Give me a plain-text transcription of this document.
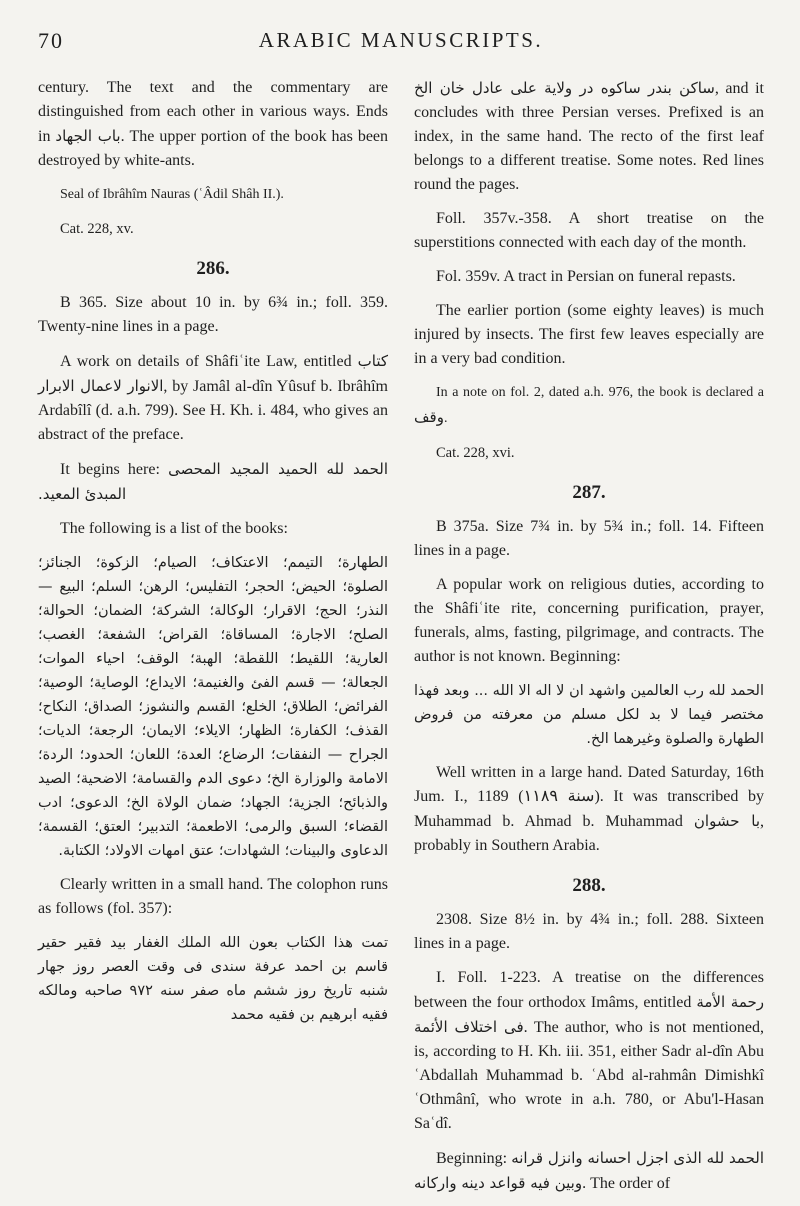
70	ARABIC MANUSCRIPTS.

century. The text and the commentary are distinguished from each other in various ways. Ends in باب الجهاد. The upper portion of the book has been destroyed by white-ants.

Seal of Ibrâhîm Nauras (ʿÂdil Shâh II.).

Cat. 228, xv.

286.

B 365. Size about 10 in. by 6¾ in.; foll. 359. Twenty-nine lines in a page.

A work on details of Shâfiʿite Law, entitled كتاب الانوار لاعمال الابرار, by Jamâl al-dîn Yûsuf b. Ibrâhîm Ardabîlî (d. a.h. 799). See H. Kh. i. 484, who gives an abstract of the preface.

It begins here: الحمد لله الحميد المجيد المحصى المبدئ المعيد.

The following is a list of the books:

الطهارة؛ التيمم؛ الاعتكاف؛ الصيام؛ الزكوة؛ الجنائز؛ الصلوة؛ الحيض؛ الحجر؛ التفليس؛ الرهن؛ السلم؛ البيع — النذر؛ الحج؛ الاقرار؛ الوكالة؛ الشركة؛ الضمان؛ الحوالة؛ الصلح؛ الاجارة؛ المساقاة؛ القراض؛ الشفعة؛ الغصب؛ العارية؛ اللقيط؛ اللقطة؛ الهبة؛ الوقف؛ احياء الموات؛ الجعالة؛ — قسم الفئ والغنيمة؛ الايداع؛ الوصاية؛ الوصية؛ الفرائض؛ الطلاق؛ الخلع؛ القسم والنشوز؛ الصداق؛ النكاح؛ القذف؛ الكفارة؛ الظهار؛ الايلاء؛ الايمان؛ الرجعة؛ الديات؛ الجراح — النفقات؛ الرضاع؛ العدة؛ اللعان؛ الحدود؛ الردة؛ الامامة والوزارة الخ؛ دعوى الدم والقسامة؛ الاضحية؛ الصيد والذبائح؛ الجزية؛ الجهاد؛ ضمان الولاة الخ؛ الدعوى؛ ادب القضاء؛ السبق والرمى؛ الاطعمة؛ التدبير؛ العتق؛ القسمة؛ الدعاوى والبينات؛ الشهادات؛ عتق امهات الاولاد؛ الكتابة.

Clearly written in a small hand. The colophon runs as follows (fol. 357):

تمت هذا الكتاب بعون الله الملك الغفار بيد فقير حقير قاسم بن احمد عرفة سندى فى وقت العصر روز جهار شنبه تاريخ روز ششم ماه صفر سنه ٩٧٢ صاحبه ومالكه فقيه ابرهيم بن فقيه محمد

ساكن بندر ساكوه در ولاية على عادل خان الخ, and it concludes with three Persian verses. Prefixed is an index, in the same hand. The recto of the first leaf belongs to a different treatise. Some notes. Red lines round the pages.

Foll. 357v.-358. A short treatise on the superstitions connected with each day of the month.

Fol. 359v. A tract in Persian on funeral repasts.

The earlier portion (some eighty leaves) is much injured by insects. The first few leaves especially are in a very bad condition.

In a note on fol. 2, dated a.h. 976, the book is declared a وقف.

Cat. 228, xvi.

287.

B 375a. Size 7¾ in. by 5¾ in.; foll. 14. Fifteen lines in a page.

A popular work on religious duties, according to the Shâfiʿite rite, concerning purification, prayer, funerals, alms, fasting, pilgrimage, and contracts. The author is not known. Beginning:

الحمد لله رب العالمين واشهد ان لا اله الا الله ... وبعد فهذا مختصر فيما لا بد لكل مسلم من معرفته من فروض الطهارة والصلوة وغيرهما الخ.

Well written in a large hand. Dated Saturday, 16th Jum. I., 1189 (سنة ١١٨٩). It was transcribed by Muhammad b. Ahmad b. Muhammad با حشوان, probably in Southern Arabia.

288.

2308. Size 8½ in. by 4¾ in.; foll. 288. Sixteen lines in a page.

I. Foll. 1-223. A treatise on the differences between the four orthodox Imâms, entitled رحمة الأمة فى اختلاف الأئمة. The author, who is not mentioned, is, according to H. Kh. iii. 351, either Sadr al-dîn Abu ʿAbdallah Muhammad b. ʿAbd al-rahmân Dimishkî ʿOthmânî, who wrote in a.h. 780, or Abu'l-Hasan Saʿdî.

Beginning: الحمد لله الذى اجزل احسانه وانزل قرانه وبين فيه قواعد دينه واركانه. The order of
